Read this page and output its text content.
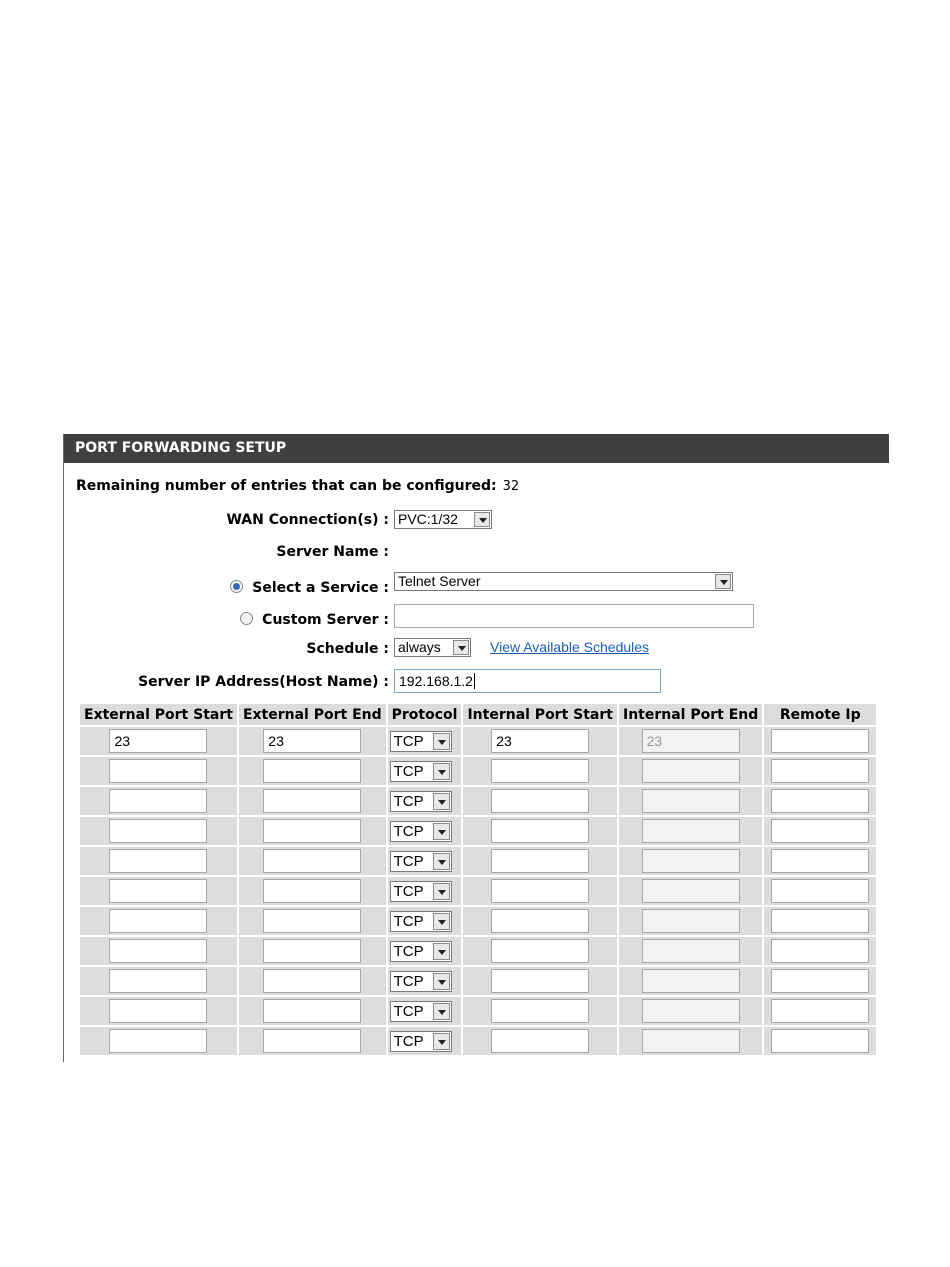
PORT FORWARDING SETUP
Remaining number of entries that can be configured: 32
WAN Connection(s) : PVC:1/32
Server Name :
Select a Service : Telnet Server
Custom Server :
Schedule : always	View Available Schedules
Server IP Address(Host Name) : 192.168.1.2
External Port Start	External Port End	Protocol	Internal Port Start	Internal Port End	Remote Ip

23	23	TCP	23	23	

		TCP			

		TCP			

		TCP			

		TCP			

		TCP			

		TCP			

		TCP			

		TCP			

		TCP			

		TCP			
